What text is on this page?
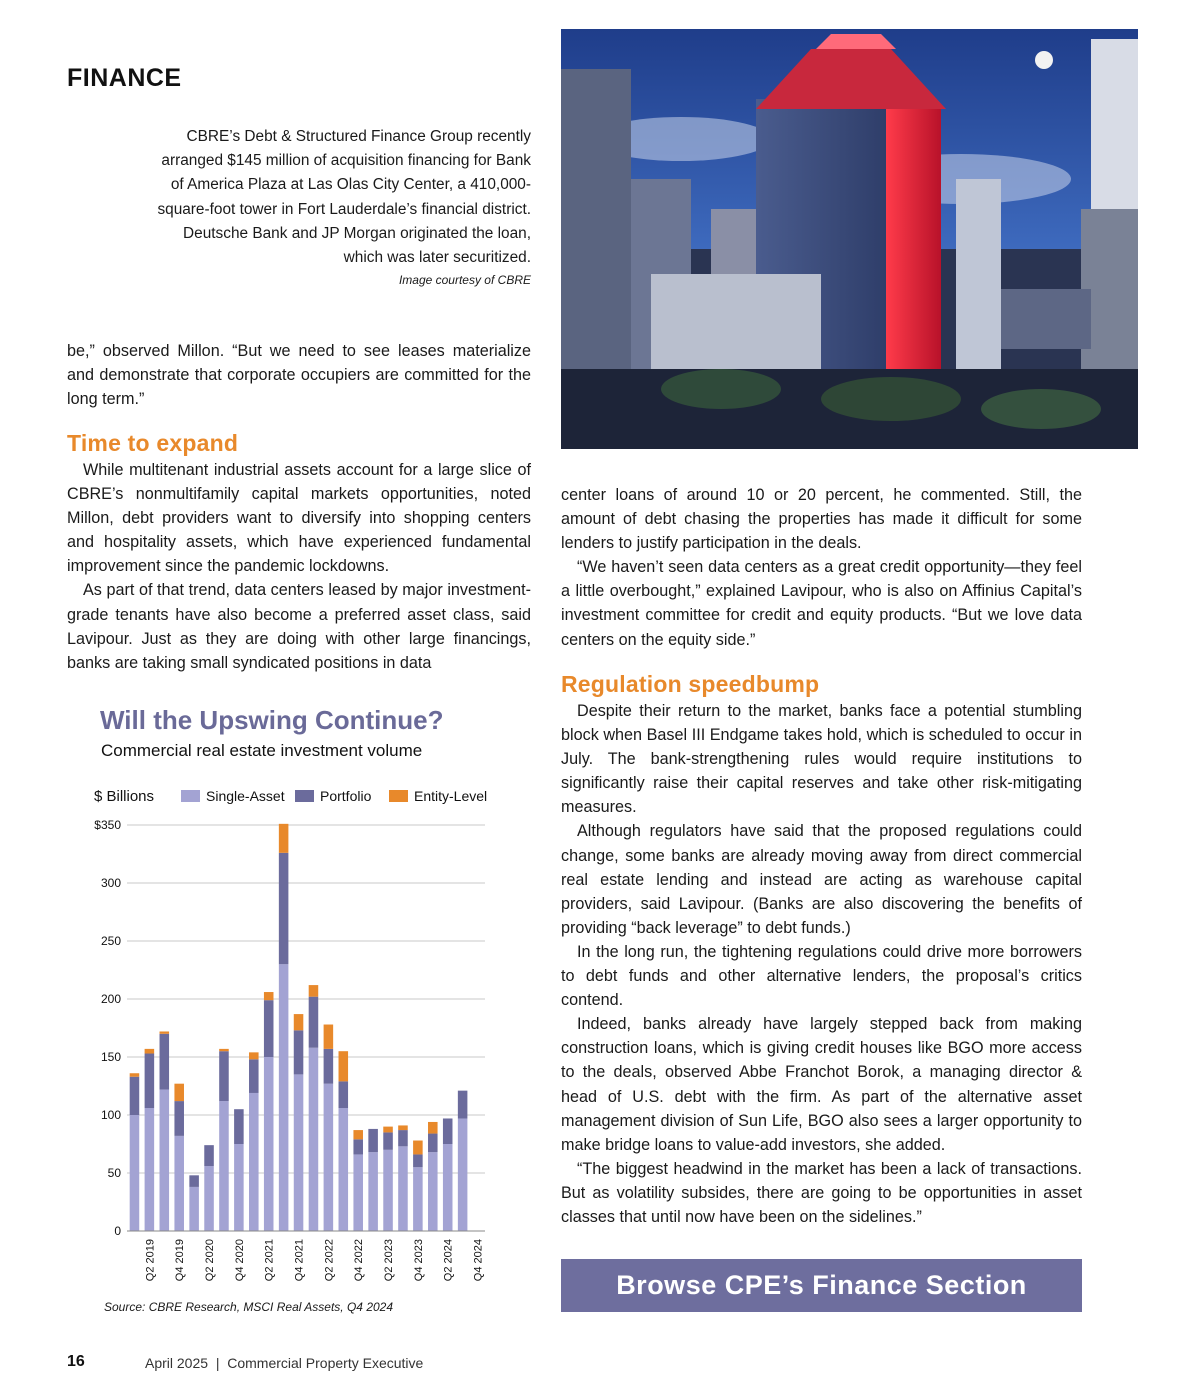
FINANCE
CBRE’s Debt & Structured Finance Group recently arranged $145 million of acquisition financing for Bank of America Plaza at Las Olas City Center, a 410,000-square-foot tower in Fort Lauderdale’s financial district. Deutsche Bank and JP Morgan originated the loan, which was later securitized.
Image courtesy of CBRE

be,” observed Millon. “But we need to see leases materialize and demonstrate that corporate occupiers are committed for the long term.”

Time to expand

While multitenant industrial assets account for a large slice of CBRE’s nonmultifamily capital markets opportunities, noted Millon, debt providers want to diversify into shopping centers and hospitality assets, which have experienced fundamental improvement since the pandemic lockdowns.

As part of that trend, data centers leased by major investment-grade tenants have also become a preferred asset class, said Lavipour. Just as they are doing with other large financings, banks are taking small syndicated positions in data

center loans of around 10 or 20 percent, he commented. Still, the amount of debt chasing the properties has made it difficult for some lenders to justify participation in the deals.

“We haven’t seen data centers as a great credit opportunity—they feel a little overbought,” explained Lavipour, who is also on Affinius Capital’s investment committee for credit and equity products. “But we love data centers on the equity side.”

Regulation speedbump

Despite their return to the market, banks face a potential stumbling block when Basel III Endgame takes hold, which is scheduled to occur in July. The bank-strengthening rules would require institutions to significantly raise their capital reserves and take other risk-mitigating measures.

Although regulators have said that the proposed regulations could change, some banks are already moving away from direct commercial real estate lending and instead are acting as warehouse capital providers, said Lavipour. (Banks are also discovering the benefits of providing “back leverage” to debt funds.)

In the long run, the tightening regulations could drive more borrowers to debt funds and other alternative lenders, the proposal’s critics contend.

Indeed, banks already have largely stepped back from making construction loans, which is giving credit houses like BGO more access to the deals, observed Abbe Franchot Borok, a managing director & head of U.S. debt with the firm. As part of the alternative asset management division of Sun Life, BGO also sees a larger opportunity to make bridge loans to value-add investors, she added.

“The biggest headwind in the market has been a lack of transactions. But as volatility subsides, there are going to be opportunities in asset classes that until now have been on the sidelines.”

Will the Upswing Continue?
Commercial real estate investment volume
$ Billions	Single-Asset	Portfolio	Entity-Level
0
50
100
150
200
250
300
$350
Q2 2019 Q4 2019 Q2 2020 Q4 2020 Q2 2021 Q4 2021 Q2 2022 Q4 2022 Q2 2023 Q4 2023 Q2 2024 Q4 2024
Source: CBRE Research, MSCI Real Assets, Q4 2024
Browse CPE’s Finance Section
16	April 2025  |  Commercial Property Executive
